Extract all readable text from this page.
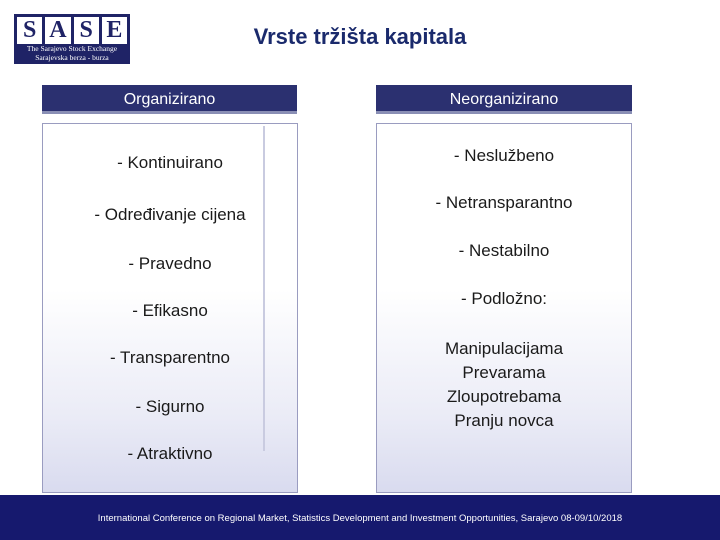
S A S E
The Sarajevo Stock Exchange
Sarajevska berza - burza
Vrste tržišta kapitala
Organizirano	Neorganizirano
- Kontinuirano
- Određivanje cijena
- Pravedno
- Efikasno
- Transparentno
- Sigurno
- Atraktivno
- Neslužbeno
- Netransparantno
- Nestabilno
- Podložno:
Manipulacijama
Prevarama
Zloupotrebama
Pranju novca
4
International Conference on Regional Market, Statistics Development and Investment Opportunities, Sarajevo 08-09/10/2018
